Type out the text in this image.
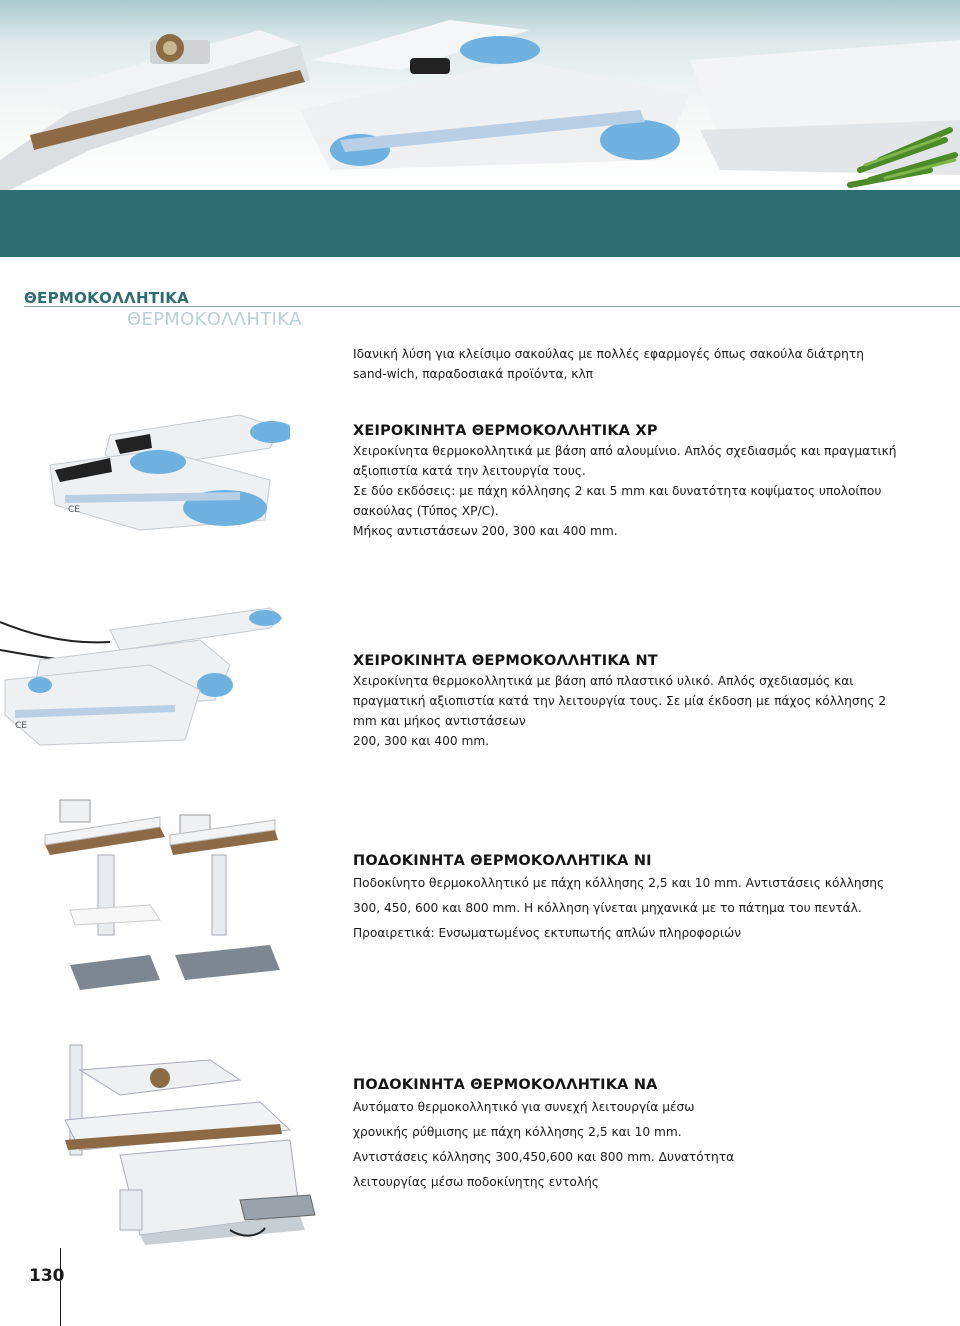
ΘΕΡΜΟΚΟΛΛΗΤΙΚΑ
ΘΕΡΜΟΚΟΛΛΗΤΙΚΑ

Ιδανική λύση για κλείσιμο σακούλας με πολλές εφαρμογές όπως σακούλα διάτρητη sand-wich, παραδοσιακά προϊόντα, κλπ

CE
ΧΕΙΡΟΚΙΝΗΤΑ ΘΕΡΜΟΚΟΛΛΗΤΙΚΑ XP

Χειροκίνητα θερμοκολλητικά με βάση από αλουμίνιο. Απλός σχεδιασμός και πραγματική αξιοπιστία κατά την λειτουργία τους.

Σε δύο εκδόσεις: με πάχη κόλλησης 2 και 5 mm και δυνατότητα κοψίματος υπολοίπου σακούλας (Τύπος XP/C).

Μήκος αντιστάσεων 200, 300 και 400 mm.

CE
ΧΕΙΡΟΚΙΝΗΤΑ ΘΕΡΜΟΚΟΛΛΗΤΙΚΑ NT

Χειροκίνητα θερμοκολλητικά με βάση από πλαστικό υλικό. Απλός σχεδιασμός και πραγματική αξιοπιστία κατά την λειτουργία τους. Σε μία έκδοση με πάχος κόλλησης 2 mm και μήκος αντιστάσεων

200, 300 και 400 mm.

ΠΟΔΟΚΙΝΗΤΑ ΘΕΡΜΟΚΟΛΛΗΤΙΚΑ NI

Ποδοκίνητο θερμοκολλητικό με πάχη κόλλησης 2,5 και 10 mm. Αντιστάσεις κόλλησης 300, 450, 600 και 800 mm. Η κόλληση γίνεται μηχανικά με το πάτημα του πεντάλ.

Προαιρετικά: Ενσωματωμένος εκτυπωτής απλών πληροφοριών

ΠΟΔΟΚΙΝΗΤΑ ΘΕΡΜΟΚΟΛΛΗΤΙΚΑ NA

Αυτόματο θερμοκολλητικό για συνεχή λειτουργία μέσω χρονικής ρύθμισης με πάχη κόλλησης 2,5 και 10 mm. Αντιστάσεις κόλλησης 300,450,600 και 800 mm. Δυνατότητα λειτουργίας μέσω ποδοκίνητης εντολής

130
